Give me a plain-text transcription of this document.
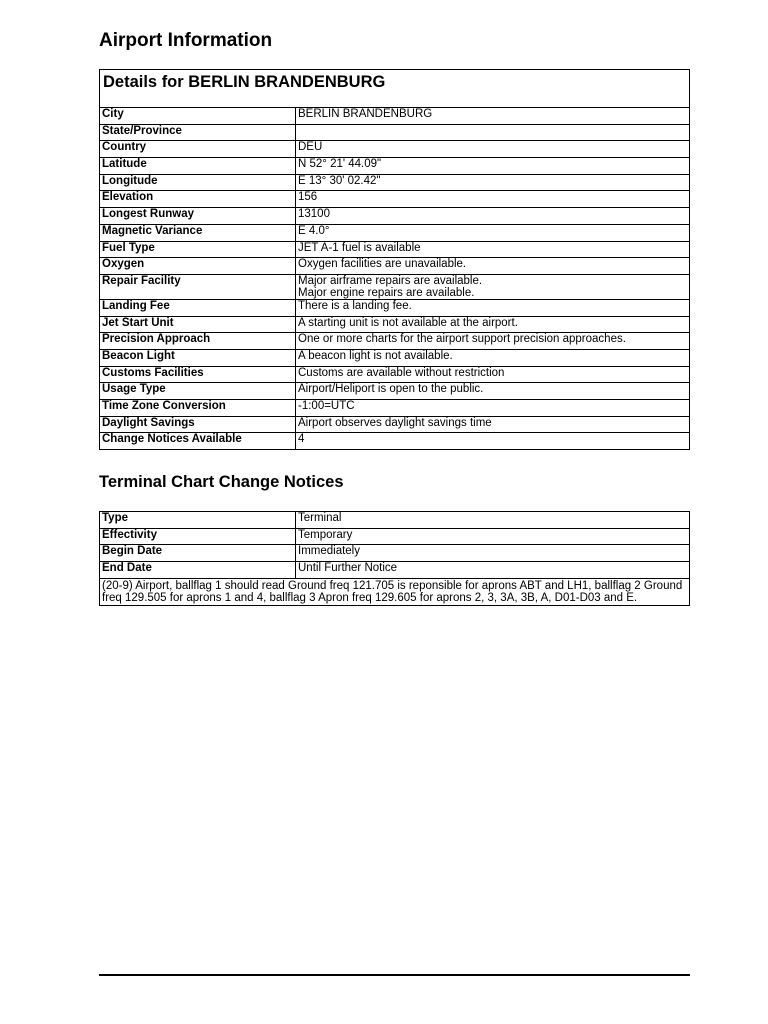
Airport Information
Details for BERLIN BRANDENBURG
City	BERLIN BRANDENBURG
State/Province	
Country	DEU
Latitude	N 52° 21' 44.09"
Longitude	E 13° 30' 02.42"
Elevation	156
Longest Runway	13100
Magnetic Variance	E 4.0°
Fuel Type	JET A-1 fuel is available
Oxygen	Oxygen facilities are unavailable.
Repair Facility	Major airframe repairs are available.
Major engine repairs are available.

Landing Fee	There is a landing fee.
Jet Start Unit	A starting unit is not available at the airport.
Precision Approach	One or more charts for the airport support precision approaches.
Beacon Light	A beacon light is not available.
Customs Facilities	Customs are available without restriction
Usage Type	Airport/Heliport is open to the public.
Time Zone Conversion	-1:00=UTC
Daylight Savings	Airport observes daylight savings time
Change Notices Available	4
Terminal Chart Change Notices
Type	Terminal
Effectivity	Temporary
Begin Date	Immediately
End Date	Until Further Notice
(20-9) Airport, ballflag 1 should read Ground freq 121.705 is reponsible for aprons ABT and LH1, ballflag 2 Ground freq 129.505 for aprons 1 and 4, ballflag 3 Apron freq 129.605 for aprons 2, 3, 3A, 3B, A, D01-D03 and E.	
